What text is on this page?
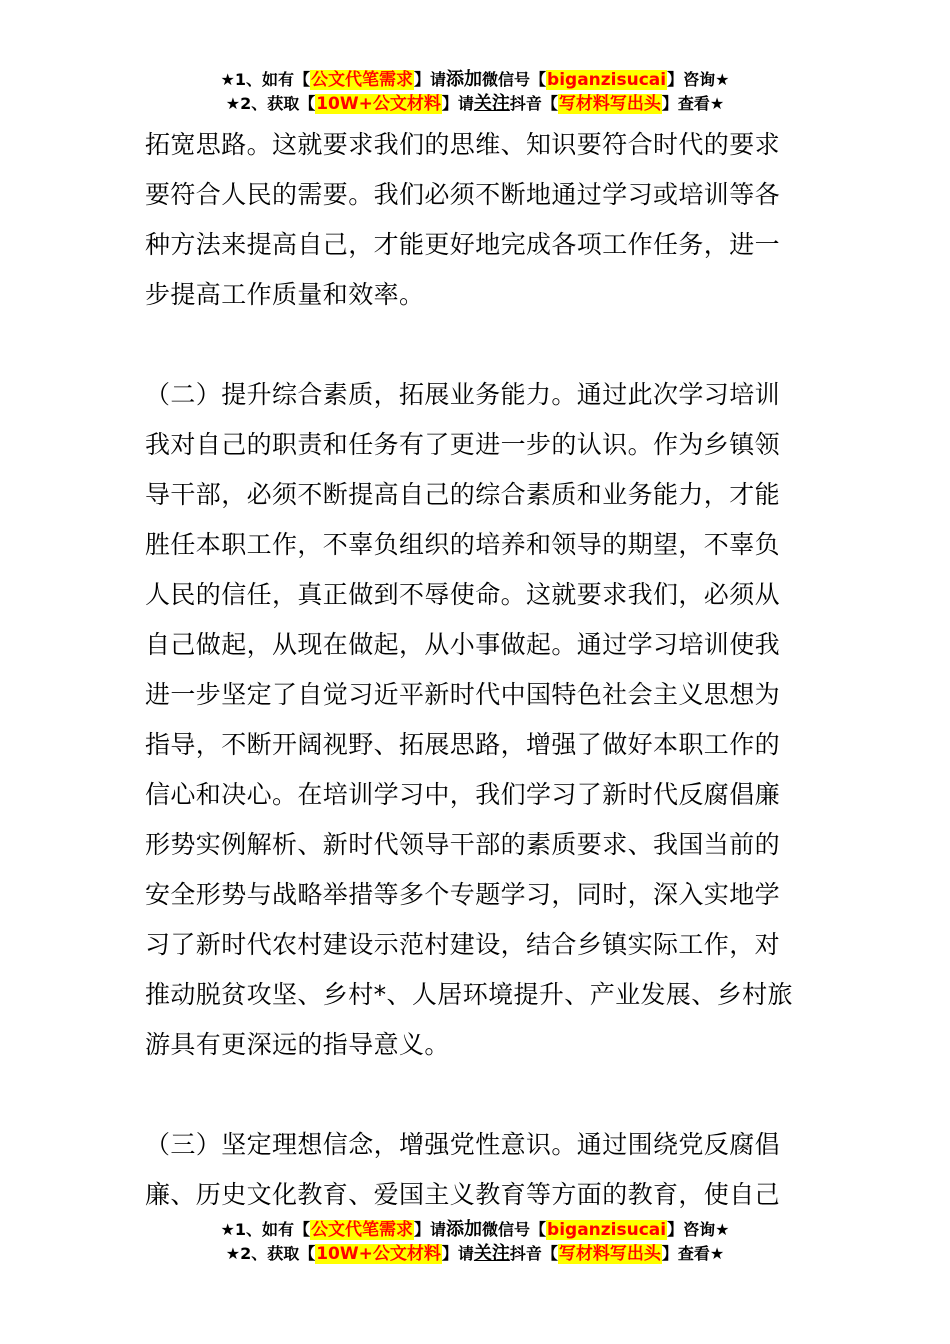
★1、如有【公文代笔需求】请添加微信号【biganzisucai】咨询★
★2、获取【10W+公文材料】请关注抖音【写材料写出头】查看★
拓宽思路。这就要求我们的思维、知识要符合时代的要求
要符合人民的需要。我们必须不断地通过学习或培训等各
种方法来提高自己，才能更好地完成各项工作任务，进一
步提高工作质量和效率。
（二）提升综合素质，拓展业务能力。通过此次学习培训
我对自己的职责和任务有了更进一步的认识。作为乡镇领
导干部，必须不断提高自己的综合素质和业务能力，才能
胜任本职工作，不辜负组织的培养和领导的期望，不辜负
人民的信任，真正做到不辱使命。这就要求我们，必须从
自己做起，从现在做起，从小事做起。通过学习培训使我
进一步坚定了自觉习近平新时代中国特色社会主义思想为
指导，不断开阔视野、拓展思路，增强了做好本职工作的
信心和决心。在培训学习中，我们学习了新时代反腐倡廉
形势实例解析、新时代领导干部的素质要求、我国当前的
安全形势与战略举措等多个专题学习，同时，深入实地学
习了新时代农村建设示范村建设，结合乡镇实际工作，对
推动脱贫攻坚、乡村*、人居环境提升、产业发展、乡村旅
游具有更深远的指导意义。
（三）坚定理想信念，增强党性意识。通过围绕党反腐倡
廉、历史文化教育、爱国主义教育等方面的教育，使自己
★1、如有【公文代笔需求】请添加微信号【biganzisucai】咨询★
★2、获取【10W+公文材料】请关注抖音【写材料写出头】查看★
